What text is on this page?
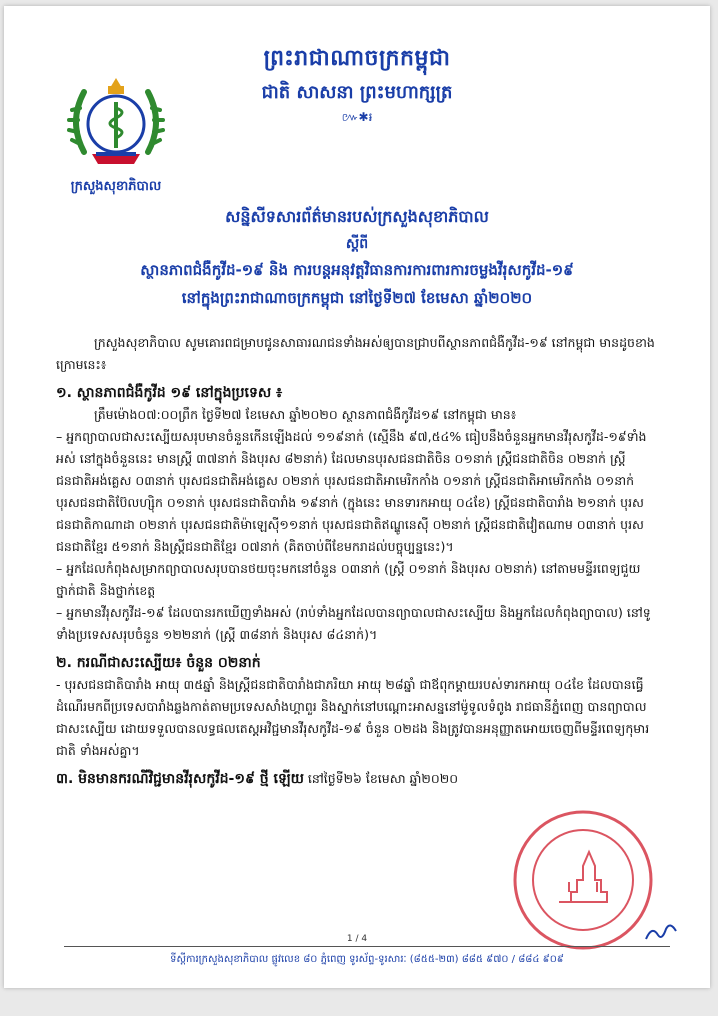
ក្រសួងសុខាភិបាល
ព្រះរាជាណាចក្រកម្ពុជា
ជាតិ សាសនា ព្រះមហាក្សត្រ
៚✱៛
សន្និសីទសារព័ត៌មានរបស់ក្រសួងសុខាភិបាល
ស្ដីពី
ស្ថានភាពជំងឺកូវីដ-១៩ និង ការបន្តអនុវត្តវិធានការការពារការចម្លងវីរុសកូវីដ-១៩
នៅក្នុងព្រះរាជាណាចក្រកម្ពុជា នៅថ្ងៃទី២៧ ខែមេសា ឆ្នាំ២០២០

ក្រសួងសុខាភិបាល សូមគោរពជម្រាបជូនសាធារណជនទាំងអស់ឲ្យបានជ្រាបពីស្ថានភាពជំងឺកូវីដ-១៩ នៅកម្ពុជា មានដូចខាងក្រោមនេះ៖

១. ស្ថានភាពជំងឺកូវីដ ១៩ នៅក្នុងប្រទេស ៖

ត្រឹមម៉ោង០៧:០០ព្រឹក ថ្ងៃទី២៧ ខែមេសា ឆ្នាំ២០២០ ស្ថានភាពជំងឺកូវីដ១៩ នៅកម្ពុជា មាន៖

– អ្នកព្យាបាលជាសះស្បើយសរុបមានចំនួនកើនឡើងដល់ ១១៩នាក់ (ស្មើនឹង ៩៧,៥៤% ធៀបនឹងចំនួនអ្នកមានវីរុសកូវីដ-១៩ទាំងអស់ នៅក្នុងចំនួននេះ មានស្ត្រី ៣៧នាក់ និងបុរស ៨២នាក់) ដែលមានបុរសជនជាតិចិន ០១នាក់ ស្ត្រីជនជាតិចិន ០២នាក់ ស្ត្រីជនជាតិអង់គ្លេស ០៣នាក់ បុរសជនជាតិអង់គ្លេស ០២នាក់ បុរសជនជាតិអាមេរិកកាំង ០១នាក់ ស្ត្រីជនជាតិអាមេរិកកាំង ០១នាក់ បុរសជនជាតិប៊ែលហ្ស៊ិក ០១នាក់ បុរសជនជាតិបារាំង ១៩នាក់ (ក្នុងនេះ មានទារកអាយុ ០៤ខែ) ស្ត្រីជនជាតិបារាំង ២១នាក់ បុរសជនជាតិកាណាដា ០២នាក់ បុរសជនជាតិម៉ាឡេស៊ី១១នាក់ បុរសជនជាតិឥណ្ឌូនេស៊ី ០២នាក់ ស្ត្រីជនជាតិវៀតណាម ០៣នាក់ បុរសជនជាតិខ្មែរ ៥១នាក់ និងស្ត្រីជនជាតិខ្មែរ ០៧នាក់ (គិតចាប់ពីខែមករាដល់បច្ចុប្បន្ននេះ)។

– អ្នកដែលកំពុងសម្រាកព្យាបាលសរុបបានថយចុះមកនៅចំនួន ០៣នាក់ (ស្ត្រី ០១នាក់ និងបុរស ០២នាក់) នៅតាមមន្ទីរពេទ្យជួយថ្នាក់ជាតិ និងថ្នាក់ខេត្ត

– អ្នកមានវីរុសកូវីដ-១៩ ដែលបានរកឃើញទាំងអស់ (រាប់ទាំងអ្នកដែលបានព្យាបាលជាសះស្បើយ និងអ្នកដែលកំពុងព្យាបាល) នៅទូទាំងប្រទេសសរុបចំនួន ១២២នាក់ (ស្ត្រី ៣៨នាក់ និងបុរស ៨៤នាក់)។

២. ករណីជាសះស្បើយ៖ ចំនួន ០២នាក់

- បុរសជនជាតិបារាំង អាយុ ៣៥ឆ្នាំ និងស្ត្រីជនជាតិបារាំងជាភរិយា អាយុ ២៨ឆ្នាំ ជាឪពុកម្ដាយរបស់ទារកអាយុ ០៤ខែ ដែលបានធ្វើដំណើរមកពីប្រទេសបារាំងឆ្លងកាត់តាមប្រទេសសាំងហ្គាពួរ និងស្នាក់នៅបណ្ដោះអាសន្ននៅម៉ូទូលទំពូង រាជធានីភ្នំពេញ បានព្យាបាលជាសះស្បើយ ដោយទទួលបានលទ្ធផលតេស្តអវិជ្ជមានវីរុសកូវីដ-១៩ ចំនួន ០២ដង និងត្រូវបានអនុញ្ញាតអោយចេញពីមន្ទីរពេទ្យកុមារជាតិ ទាំងអស់គ្នា។

៣. មិនមានករណីវិជ្ជមានវីរុសកូវីដ-១៩ ថ្មី ឡើយ នៅថ្ងៃទី២៦ ខែមេសា ឆ្នាំ២០២០

1 / 4
ទីស្តីការក្រសួងសុខាភិបាល ផ្លូវលេខ ៨០ ភ្នំពេញ ទូរស័ព្ទ-ទូរសារៈ (៨៥៥-២៣) ៨៨៥ ៩៧០ / ៨៨៤ ៩០៩
